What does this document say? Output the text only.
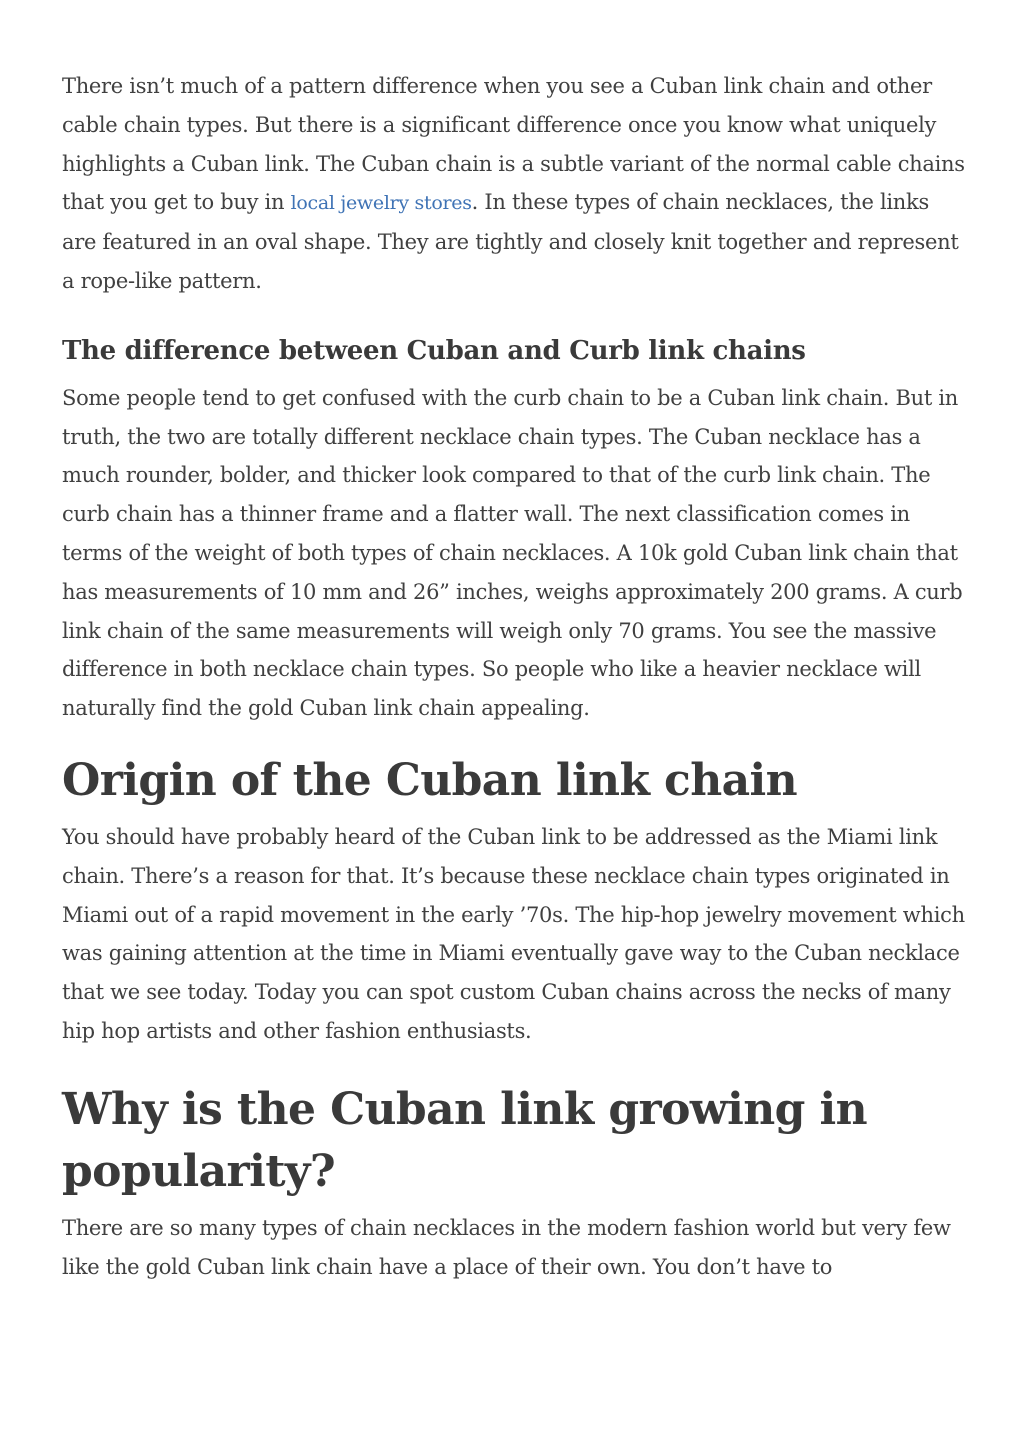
There isn’t much of a pattern difference when you see a Cuban link chain and other cable chain types. But there is a significant difference once you know what uniquely highlights a Cuban link. The Cuban chain is a subtle variant of the normal cable chains that you get to buy in local jewelry stores. In these types of chain necklaces, the links are featured in an oval shape. They are tightly and closely knit together and represent a rope-like pattern.

The difference between Cuban and Curb link chains

Some people tend to get confused with the curb chain to be a Cuban link chain. But in truth, the two are totally different necklace chain types. The Cuban necklace has a much rounder, bolder, and thicker look compared to that of the curb link chain. The curb chain has a thinner frame and a flatter wall. The next classification comes in terms of the weight of both types of chain necklaces. A 10k gold Cuban link chain that has measurements of 10 mm and 26” inches, weighs approximately 200 grams. A curb link chain of the same measurements will weigh only 70 grams. You see the massive difference in both necklace chain types. So people who like a heavier necklace will naturally find the gold Cuban link chain appealing.

Origin of the Cuban link chain

You should have probably heard of the Cuban link to be addressed as the Miami link chain. There’s a reason for that. It’s because these necklace chain types originated in Miami out of a rapid movement in the early ’70s. The hip-hop jewelry movement which was gaining attention at the time in Miami eventually gave way to the Cuban necklace that we see today. Today you can spot custom Cuban chains across the necks of many hip hop artists and other fashion enthusiasts.

Why is the Cuban link growing in popularity?

There are so many types of chain necklaces in the modern fashion world but very few like the gold Cuban link chain have a place of their own. You don’t have to
